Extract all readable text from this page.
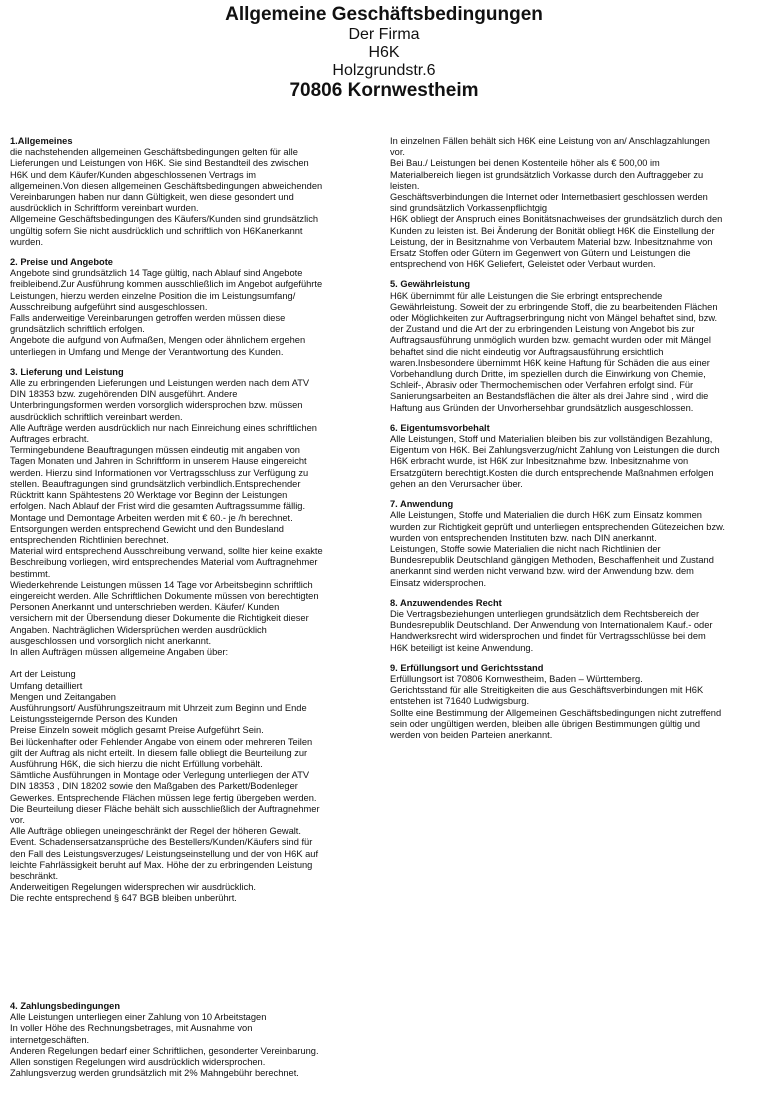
Allgemeine Geschäftsbedingungen
Der Firma
H6K
Holzgrundstr.6
70806 Kornwestheim
1.Allgemeines
die nachstehenden allgemeinen Geschäftsbedingungen gelten für alle
Lieferungen und Leistungen von H6K. Sie sind Bestandteil des zwischen
H6K und dem Käufer/Kunden abgeschlossenen Vertrags im
allgemeinen.Von diesen allgemeinen Geschäftsbedingungen abweichenden
Vereinbarungen haben nur dann Gültigkeit, wen diese gesondert und
ausdrücklich in Schriftform vereinbart wurden.
Allgemeine Geschäftsbedingungen des Käufers/Kunden sind grundsätzlich
ungültig sofern Sie nicht ausdrücklich und schriftlich von H6Kanerkannt
wurden.
2. Preise und Angebote
Angebote sind grundsätzlich 14 Tage gültig, nach Ablauf sind Angebote
freibleibend.Zur Ausführung kommen ausschließlich im Angebot aufgeführte
Leistungen, hierzu werden einzelne Position die im Leistungsumfang/
Ausschreibung aufgeführt sind ausgeschlossen.
Falls anderweitige Vereinbarungen getroffen werden müssen diese
grundsätzlich schriftlich erfolgen.
Angebote die aufgund von Aufmaßen, Mengen oder ähnlichem ergehen
unterliegen in Umfang und Menge der Verantwortung des Kunden.
3. Lieferung und Leistung
Alle zu erbringenden Lieferungen und Leistungen werden nach dem ATV
DIN 18353 bzw. zugehörenden DIN ausgeführt. Andere
Unterbringungsformen werden vorsorglich widersprochen bzw. müssen
ausdrücklich schriftlich vereinbart werden.
Alle Aufträge werden ausdrücklich nur nach Einreichung eines schriftlichen
Auftrages erbracht.
Termingebundene Beauftragungen müssen eindeutig mit angaben von
Tagen Monaten und Jahren in Schriftform in unserem Hause eingereicht
werden. Hierzu sind Informationen vor Vertragsschluss zur Verfügung zu
stellen. Beauftragungen sind grundsätzlich verbindlich.Entsprechender
Rücktritt kann Spähtestens 20 Werktage vor Beginn der Leistungen
erfolgen. Nach Ablauf der Frist wird die gesamten Auftragssumme fällig.
Montage und Demontage Arbeiten werden mit € 60.- je /h berechnet.
Entsorgungen werden entsprechend Gewicht und den Bundesland
entsprechenden Richtlinien berechnet.
Material wird entsprechend Ausschreibung verwand, sollte hier keine exakte
Beschreibung vorliegen, wird entsprechendes Material vom Auftragnehmer
bestimmt.
Wiederkehrende Leistungen müssen 14 Tage vor Arbeitsbeginn schriftlich
eingereicht werden. Alle Schriftlichen Dokumente müssen von berechtigten
Personen Anerkannt und unterschrieben werden. Käufer/ Kunden
versichern mit der Übersendung dieser Dokumente die Richtigkeit dieser
Angaben. Nachträglichen Widersprüchen werden ausdrücklich
ausgeschlossen und vorsorglich nicht anerkannt.
In allen Aufträgen müssen allgemeine Angaben über:

Art der Leistung
Umfang detailliert
Mengen und Zeitangaben
Ausführungsort/ Ausführungszeitraum mit Uhrzeit zum Beginn und Ende
Leistungssteigernde Person des Kunden
Preise Einzeln soweit möglich gesamt Preise Aufgeführt Sein.
Bei lückenhafter oder Fehlender Angabe von einem oder mehreren Teilen
gilt der Auftrag als nicht erteilt. In diesem falle obliegt die Beurteilung zur
Ausführung H6K, die sich hierzu die nicht Erfüllung vorbehält.
Sämtliche Ausführungen in Montage oder Verlegung unterliegen der ATV
DIN 18353 , DIN 18202 sowie den Maßgaben des Parkett/Bodenleger
Gewerkes. Entsprechende Flächen müssen lege fertig übergeben werden.
Die Beurteilung dieser Fläche behält sich ausschließlich der Auftragnehmer
vor.
Alle Aufträge obliegen uneingeschränkt der Regel der höheren Gewalt.
Event. Schadensersatzansprüche des Bestellers/Kunden/Käufers sind für
den Fall des Leistungsverzuges/ Leistungseinstellung und der von H6K auf
leichte Fahrlässigkeit beruht auf Max. Höhe der zu erbringenden Leistung
beschränkt.
Anderweitigen Regelungen widersprechen wir ausdrücklich.
Die rechte entsprechend § 647 BGB bleiben unberührt.
In einzelnen Fällen behält sich H6K eine Leistung von an/ Anschlagzahlungen
vor.
Bei Bau./ Leistungen bei denen Kostenteile höher als € 500,00 im
Materialbereich liegen ist grundsätzlich Vorkasse durch den Auftraggeber zu
leisten.
Geschäftsverbindungen die Internet oder Internetbasiert geschlossen werden
sind grundsätzlich Vorkassenpflichtgig
H6K obliegt der Anspruch eines Bonitätsnachweises der grundsätzlich durch den
Kunden zu leisten ist. Bei Änderung der Bonität obliegt H6K die Einstellung der
Leistung, der in Besitznahme von Verbautem Material bzw. Inbesitznahme von
Ersatz Stoffen oder Gütern im Gegenwert von Gütern und Leistungen die
entsprechend von H6K Geliefert, Geleistet oder Verbaut wurden.
5. Gewährleistung
H6K übernimmt für alle Leistungen die Sie erbringt entsprechende
Gewährleistung. Soweit der zu erbringende Stoff, die zu bearbeitenden Flächen
oder Möglichkeiten zur Auftragserbringung nicht von Mängel behaftet sind, bzw.
der Zustand und die Art der zu erbringenden Leistung von Angebot bis zur
Auftragsausführung unmöglich wurden bzw. gemacht wurden oder mit Mängel
behaftet sind die nicht eindeutig vor Auftragsausführung ersichtlich
waren.Insbesondere übernimmt H6K keine Haftung für Schäden die aus einer
Vorbehandlung durch Dritte, im speziellen durch die Einwirkung von Chemie,
Schleif-, Abrasiv oder Thermochemischen oder Verfahren erfolgt sind. Für
Sanierungsarbeiten an Bestandsflächen die älter als drei Jahre sind , wird die
Haftung aus Gründen der Unvorhersehbar grundsätzlich ausgeschlossen.
6. Eigentumsvorbehalt
Alle Leistungen, Stoff und Materialien bleiben bis zur vollständigen Bezahlung,
Eigentum von H6K. Bei Zahlungsverzug/nicht Zahlung von Leistungen die durch
H6K erbracht wurde, ist H6K zur Inbesitznahme bzw. Inbesitznahme von
Ersatzgütern berechtigt.Kosten die durch entsprechende Maßnahmen erfolgen
gehen an den Verursacher über.
7. Anwendung
Alle Leistungen, Stoffe und Materialien die durch H6K zum Einsatz kommen
wurden zur Richtigkeit geprüft und unterliegen entsprechenden Gütezeichen bzw.
wurden von entsprechenden Instituten bzw. nach DIN anerkannt.
Leistungen, Stoffe sowie Materialien die nicht nach Richtlinien der
Bundesrepublik Deutschland gängigen Methoden, Beschaffenheit und Zustand
anerkannt sind werden nicht verwand bzw. wird der Anwendung bzw. dem
Einsatz widersprochen.
8. Anzuwendendes Recht
Die Vertragsbeziehungen unterliegen grundsätzlich dem Rechtsbereich der
Bundesrepublik Deutschland. Der Anwendung von Internationalem Kauf.- oder
Handwerksrecht wird widersprochen und findet für Vertragsschlüsse bei dem
H6K beteiligt ist keine Anwendung.
9. Erfüllungsort und Gerichtsstand
Erfüllungsort ist 70806 Kornwestheim, Baden – Württemberg.
Gerichtsstand für alle Streitigkeiten die aus Geschäftsverbindungen mit H6K
entstehen ist 71640 Ludwigsburg.
Sollte eine Bestimmung der Allgemeinen Geschäftsbedingungen nicht zutreffend
sein oder ungültigen werden, bleiben alle übrigen Bestimmungen gültig und
werden von beiden Parteien anerkannt.
4. Zahlungsbedingungen
Alle Leistungen unterliegen einer Zahlung von 10 Arbeitstagen
In voller Höhe des Rechnungsbetrages, mit Ausnahme von
internetgeschäften.
Anderen Regelungen bedarf einer Schriftlichen, gesonderter Vereinbarung.
Allen sonstigen Regelungen wird ausdrücklich widersprochen.
Zahlungsverzug werden grundsätzlich mit 2% Mahngebühr berechnet.
